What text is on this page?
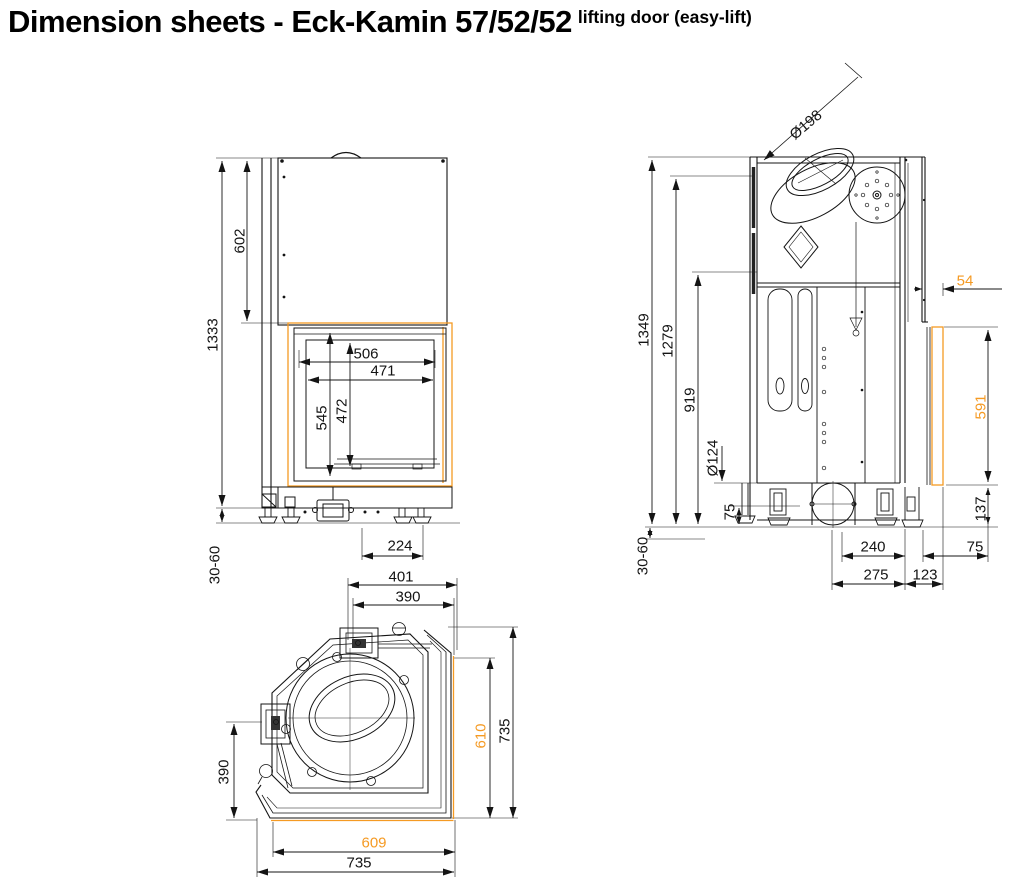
Dimension sheets - Eck-Kamin 57/52/52 lifting door (easy-lift)
1333
602
506
471
545 472
224
30-60
Ø198
1349 1279
919
Ø124
75
54
591
137
30-60	240	75
275 123
401
390
390
735
610
609
735
